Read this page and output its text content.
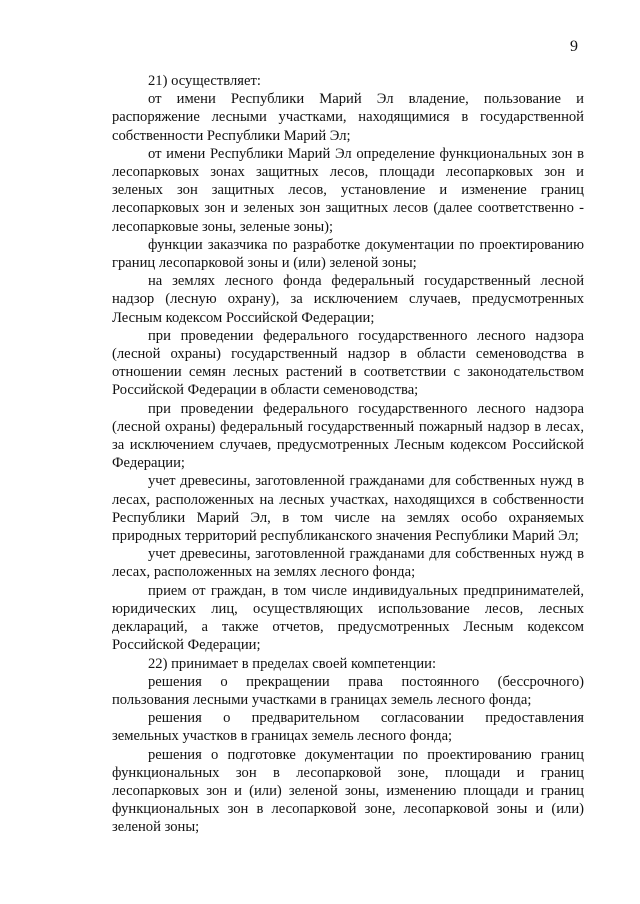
9

21) осуществляет:

от имени Республики Марий Эл владение, пользование и распоряжение лесными участками, находящимися в государственной собственности Республики Марий Эл;

от имени Республики Марий Эл определение функциональных зон в лесопарковых зонах защитных лесов, площади лесопарковых зон и зеленых зон защитных лесов, установление и изменение границ лесопарковых зон и зеленых зон защитных лесов (далее соответственно - лесопарковые зоны, зеленые зоны);

функции заказчика по разработке документации по проектированию границ лесопарковой зоны и (или) зеленой зоны;

на землях лесного фонда федеральный государственный лесной надзор (лесную охрану), за исключением случаев, предусмотренных Лесным кодексом Российской Федерации;

при проведении федерального государственного лесного надзора (лесной охраны) государственный надзор в области семеноводства в отношении семян лесных растений в соответствии с законодательством Российской Федерации в области семеноводства;

при проведении федерального государственного лесного надзора (лесной охраны) федеральный государственный пожарный надзор в лесах, за исключением случаев, предусмотренных Лесным кодексом Российской Федерации;

учет древесины, заготовленной гражданами для собственных нужд в лесах, расположенных на лесных участках, находящихся в собственности Республики Марий Эл, в том числе на землях особо охраняемых природных территорий республиканского значения Республики Марий Эл;

учет древесины, заготовленной гражданами для собственных нужд в лесах, расположенных на землях лесного фонда;

прием от граждан, в том числе индивидуальных предпринимателей, юридических лиц, осуществляющих использование лесов, лесных деклараций, а также отчетов, предусмотренных Лесным кодексом Российской Федерации;

22) принимает в пределах своей компетенции:

решения о прекращении права постоянного (бессрочного) пользования лесными участками в границах земель лесного фонда;

решения о предварительном согласовании предоставления земельных участков в границах земель лесного фонда;

решения о подготовке документации по проектированию границ функциональных зон в лесопарковой зоне, площади и границ лесопарковых зон и (или) зеленой зоны, изменению площади и границ функциональных зон в лесопарковой зоне, лесопарковой зоны и (или) зеленой зоны;
